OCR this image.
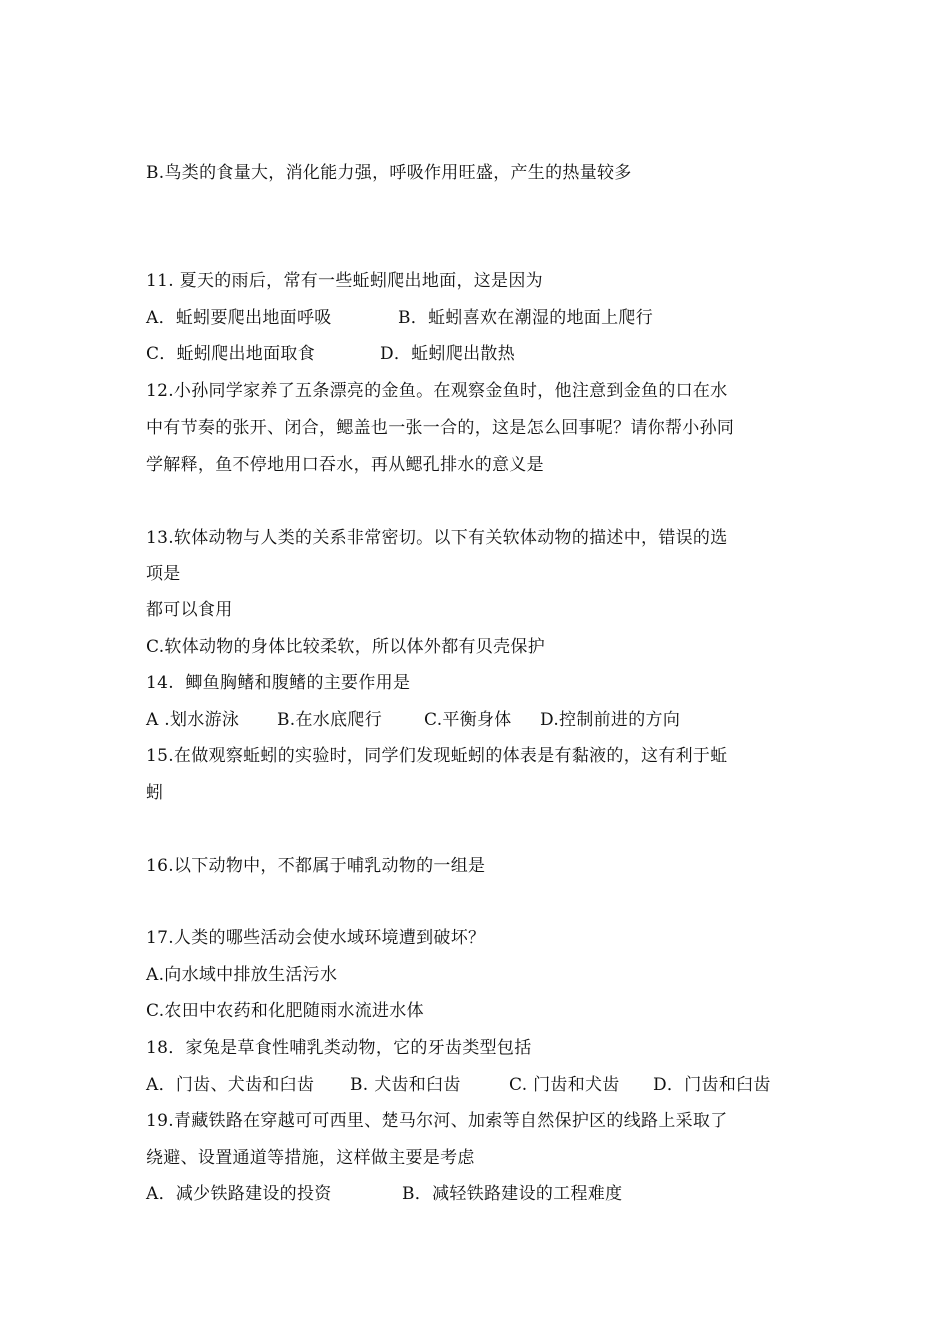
B.鸟类的食量大，消化能力强，呼吸作用旺盛，产生的热量较多
11. 夏天的雨后，常有一些蚯蚓爬出地面，这是因为
A．蚯蚓要爬出地面呼吸	B．蚯蚓喜欢在潮湿的地面上爬行
C．蚯蚓爬出地面取食	D．蚯蚓爬出散热
12.小孙同学家养了五条漂亮的金鱼。在观察金鱼时，他注意到金鱼的口在水
中有节奏的张开、闭合，鳃盖也一张一合的，这是怎么回事呢？请你帮小孙同
学解释，鱼不停地用口吞水，再从鳃孔排水的意义是
13.软体动物与人类的关系非常密切。以下有关软体动物的描述中，错误的选
项是
都可以食用
C.软体动物的身体比较柔软，所以体外都有贝壳保护
14.  鲫鱼胸鳍和腹鳍的主要作用是
A .划水游泳 B.在水底爬行 C.平衡身体 D.控制前进的方向
15.在做观察蚯蚓的实验时，同学们发现蚯蚓的体表是有黏液的，这有利于蚯
蚓
16.以下动物中，不都属于哺乳动物的一组是
17.人类的哪些活动会使水域环境遭到破坏？
A.向水域中排放生活污水
C.农田中农药和化肥随雨水流进水体
18．家兔是草食性哺乳类动物，它的牙齿类型包括
A．门齿、犬齿和臼齿 B. 犬齿和臼齿	C. 门齿和犬齿 D．门齿和臼齿
19.青藏铁路在穿越可可西里、楚马尔河、加索等自然保护区的线路上采取了
绕避、设置通道等措施，这样做主要是考虑
A．减少铁路建设的投资	B．减轻铁路建设的工程难度
